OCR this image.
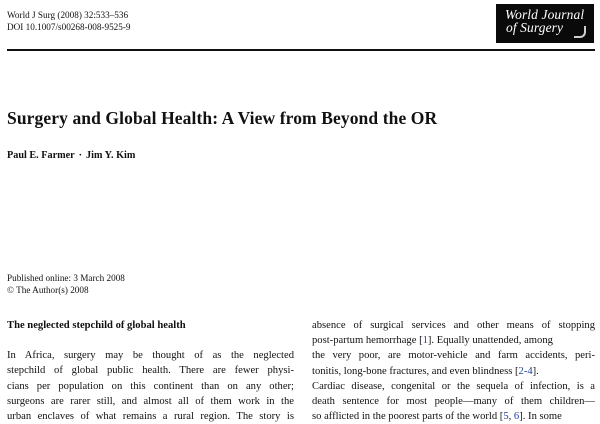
World J Surg (2008) 32:533–536
DOI 10.1007/s00268-008-9525-9
World Journal
of Surgery
Surgery and Global Health: A View from Beyond the OR
Paul E. Farmer · Jim Y. Kim
Published online: 3 March 2008
© The Author(s) 2008
The neglected stepchild of global health

In Africa, surgery may be thought of as the neglected
stepchild of global public health. There are fewer physi-
cians per population on this continent than on any other;
surgeons are rarer still, and almost all of them work in the
urban enclaves of what remains a rural region. The story is

absence of surgical services and other means of stopping
post-partum hemorrhage [1]. Equally unattended, among
the very poor, are motor-vehicle and farm accidents, peri-
tonitis, long-bone fractures, and even blindness [2-4].
Cardiac disease, congenital or the sequela of infection, is a
death sentence for most people—many of them children—
so afflicted in the poorest parts of the world [5, 6]. In some
